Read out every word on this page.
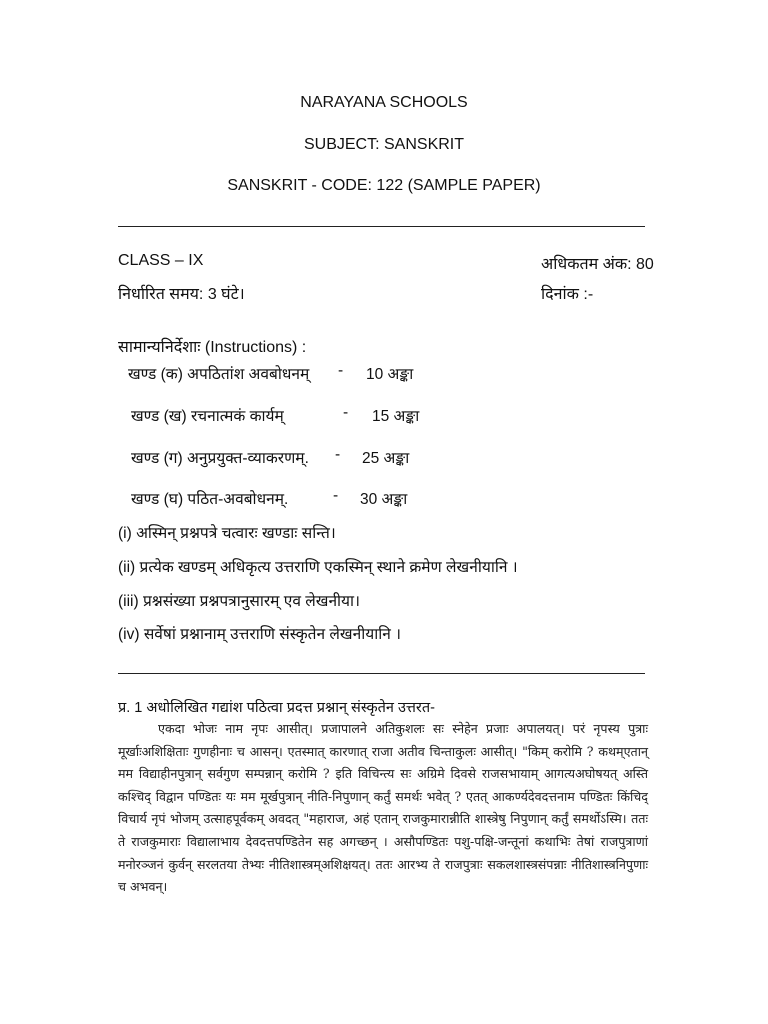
NARAYANA SCHOOLS
SUBJECT: SANSKRIT
SANSKRIT - CODE: 122 (SAMPLE PAPER)
CLASS – IX	अधिकतम अंक: 80
निर्धारित समय: 3 घंटे।	दिनांक :-
सामान्यनिर्देशाः (Instructions) :
खण्ड (क) अपठितांश अवबोधनम् - 10 अङ्का
खण्ड (ख) रचनात्मकं कार्यम्	- 15 अङ्का
खण्ड (ग) अनुप्रयुक्त-व्याकरणम्. - 25 अङ्का
खण्ड (घ) पठित-अवबोधनम्.	- 30 अङ्का
(i) अस्मिन् प्रश्नपत्रे चत्वारः खण्डाः सन्ति।
(ii) प्रत्येक खण्डम् अधिकृत्य उत्तराणि एकस्मिन् स्थाने क्रमेण लेखनीयानि ।
(iii) प्रश्नसंख्या प्रश्नपत्रानुसारम् एव लेखनीया।
(iv) सर्वेषां प्रश्नानाम् उत्तराणि संस्कृतेन लेखनीयानि ।
प्र. 1 अधोलिखित गद्यांश पठित्वा प्रदत्त प्रश्नान् संस्कृतेन उत्तरत-
एकदा भोजः नाम नृपः आसीत्। प्रजापालने अतिकुशलः सः स्नेहेन प्रजाः अपालयत्। परं नृपस्य पुत्राः मूर्खाःअशिक्षिताः गुणहीनाः च आसन्। एतस्मात् कारणात् राजा अतीव चिन्ताकुलः आसीत्। "किम् करोमि ? कथम्एतान् मम विद्याहीनपुत्रान् सर्वगुण सम्पन्नान् करोमि ? इति विचिन्त्य सः अग्रिमे दिवसे राजसभायाम् आगत्यअघोषयत् अस्ति कश्चिद् विद्वान पण्डितः यः मम मूर्खपुत्रान् नीति-निपुणान् कर्तुं समर्थः भवेत् ? एतत् आकर्ण्यदेवदत्तनाम पण्डितः किंचिद् विचार्य नृपं भोजम् उत्साहपूर्वकम् अवदत् "महाराज, अहं एतान् राजकुमारान्नीति शास्त्रेषु निपुणान् कर्तुं समर्थोऽस्मि। ततः ते राजकुमाराः विद्यालाभाय देवदत्तपण्डितेन सह अगच्छन् । असौपण्डितः पशु-पक्षि-जन्तूनां कथाभिः तेषां राजपुत्राणां मनोरञ्जनं कुर्वन् सरलतया तेभ्यः नीतिशास्त्रम्अशिक्षयत्। ततः आरभ्य ते राजपुत्राः सकलशास्त्रसंपन्नाः नीतिशास्त्रनिपुणाः च अभवन्।
